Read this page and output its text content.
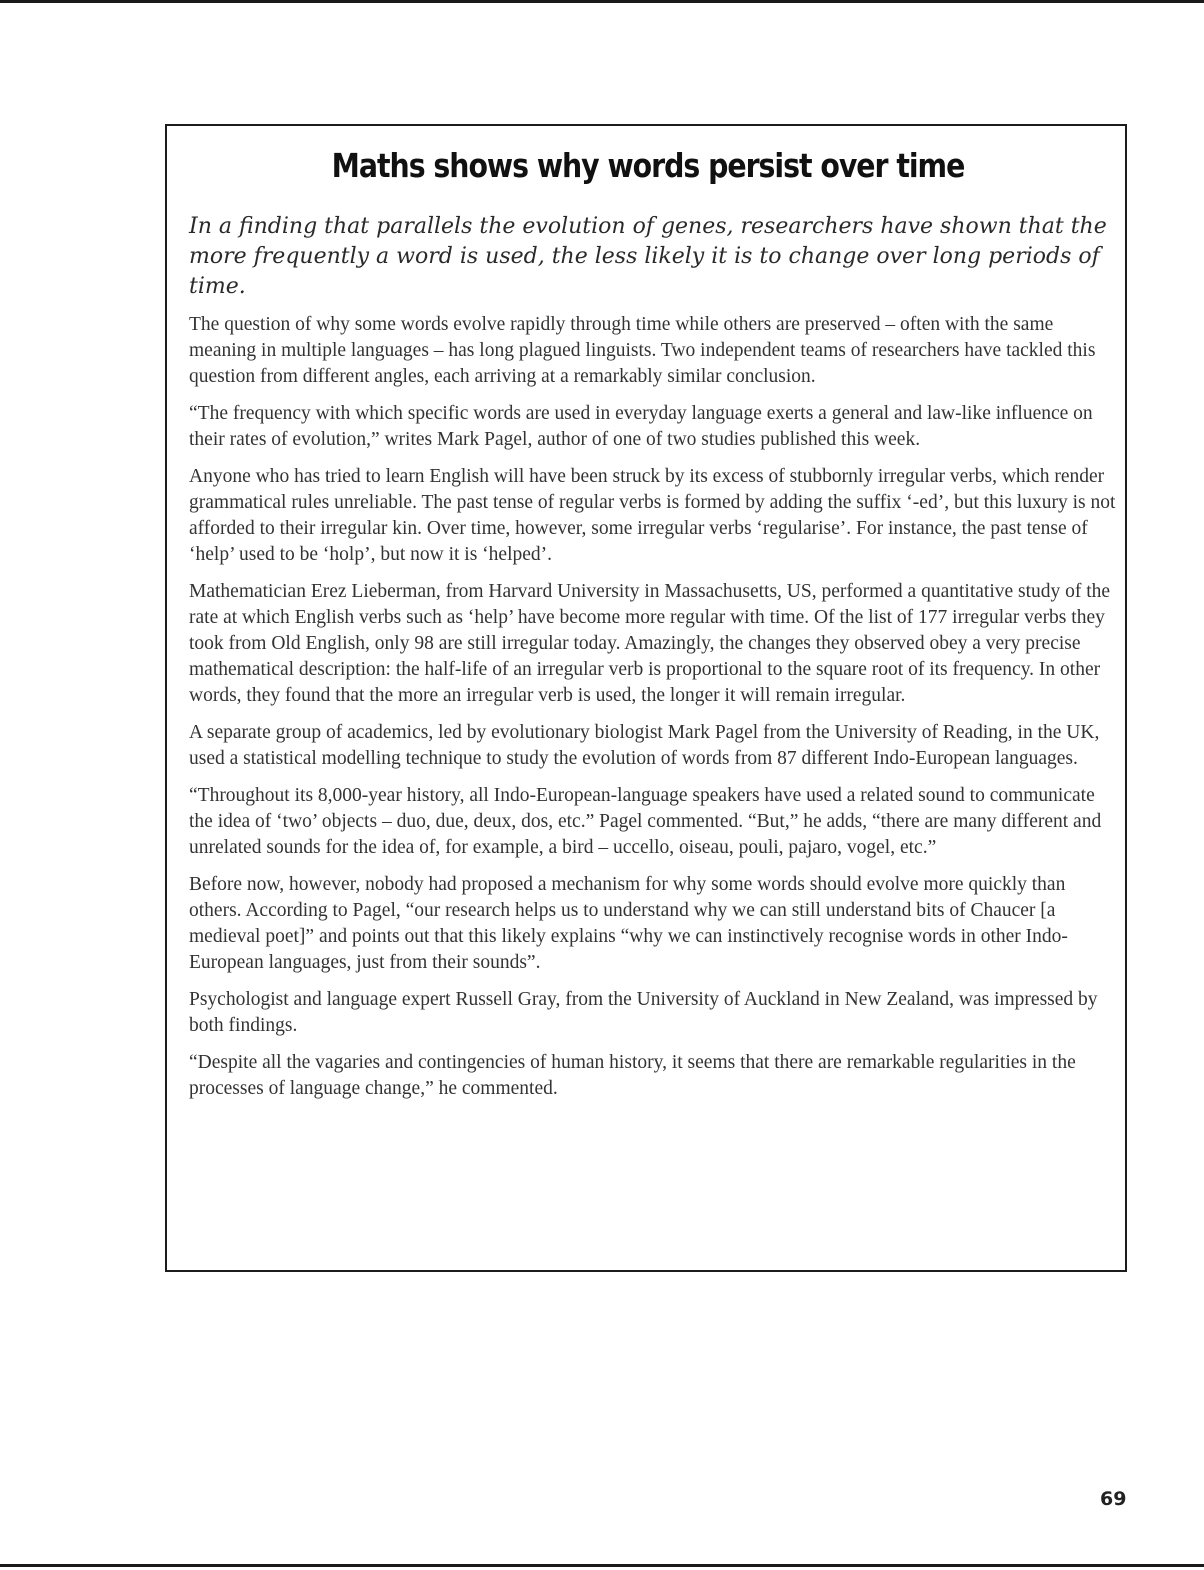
Maths shows why words persist over time

In a finding that parallels the evolution of genes, researchers have shown that the more frequently a word is used, the less likely it is to change over long periods of time.

The question of why some words evolve rapidly through time while others are preserved – often with the same meaning in multiple languages – has long plagued linguists. Two independent teams of researchers have tackled this question from different angles, each arriving at a remarkably similar conclusion.

“The frequency with which specific words are used in everyday language exerts a general and law-like influence on their rates of evolution,” writes Mark Pagel, author of one of two studies published this week.

Anyone who has tried to learn English will have been struck by its excess of stubbornly irregular verbs, which render grammatical rules unreliable. The past tense of regular verbs is formed by adding the suffix ‘-ed’, but this luxury is not afforded to their irregular kin. Over time, however, some irregular verbs ‘regularise’. For instance, the past tense of ‘help’ used to be ‘holp’, but now it is ‘helped’.

Mathematician Erez Lieberman, from Harvard University in Massachusetts, US, performed a quantitative study of the rate at which English verbs such as ‘help’ have become more regular with time. Of the list of 177 irregular verbs they took from Old English, only 98 are still irregular today. Amazingly, the changes they observed obey a very precise mathematical description: the half-life of an irregular verb is proportional to the square root of its frequency. In other words, they found that the more an irregular verb is used, the longer it will remain irregular.

A separate group of academics, led by evolutionary biologist Mark Pagel from the University of Reading, in the UK, used a statistical modelling technique to study the evolution of words from 87 different Indo-European languages.

“Throughout its 8,000-year history, all Indo-European-language speakers have used a related sound to communicate the idea of ‘two’ objects – duo, due, deux, dos, etc.” Pagel commented. “But,” he adds, “there are many different and unrelated sounds for the idea of, for example, a bird – uccello, oiseau, pouli, pajaro, vogel, etc.”

Before now, however, nobody had proposed a mechanism for why some words should evolve more quickly than others. According to Pagel, “our research helps us to understand why we can still understand bits of Chaucer [a medieval poet]” and points out that this likely explains “why we can instinctively recognise words in other Indo-European languages, just from their sounds”.

Psychologist and language expert Russell Gray, from the University of Auckland in New Zealand, was impressed by both findings.

“Despite all the vagaries and contingencies of human history, it seems that there are remarkable regularities in the processes of language change,” he commented.

69
